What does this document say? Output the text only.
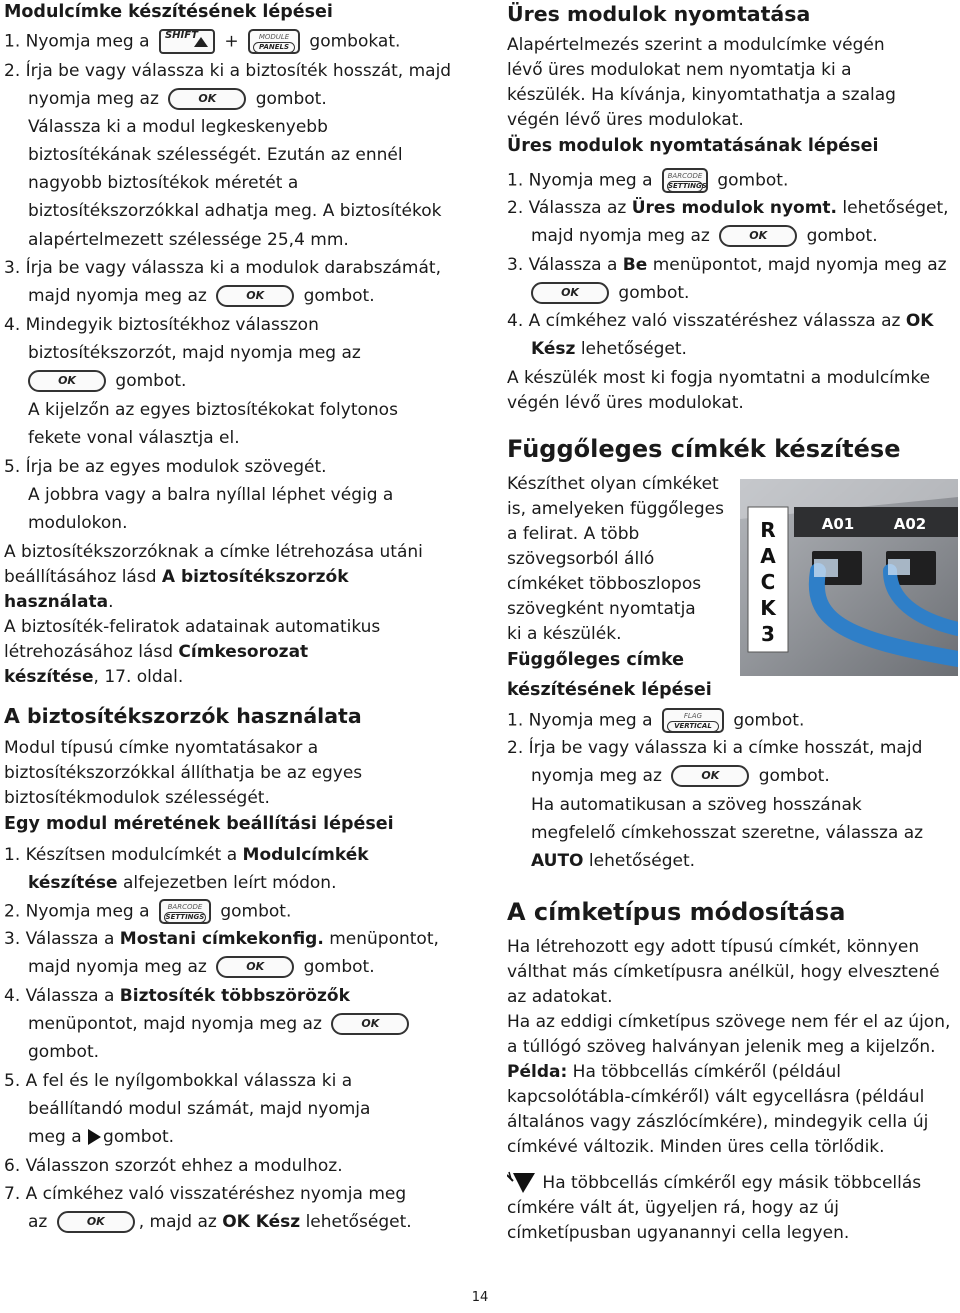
Modulcímke készítésének lépései
1. Nyomja meg a SHIFT +	MODULE
PANELS	gombokat.
2. Írja be vagy válassza ki a biztosíték hosszát, majd
nyomja meg az	OK gombot.
Válassza ki a modul legkeskenyebb
biztosítékának szélességét. Ezután az ennél
nagyobb biztosítékok méretét a
biztosítékszorzókkal adhatja meg. A biztosítékok
alapértelmezett szélessége 25,4 mm.
3. Írja be vagy válassza ki a modulok darabszámát,
majd nyomja meg az	OK gombot.
4. Mindegyik biztosítékhoz válasszon
biztosítékszorzót, majd nyomja meg az
OK gombot.
A kijelzőn az egyes biztosítékokat folytonos
fekete vonal választja el.
5. Írja be az egyes modulok szövegét.
A jobbra vagy a balra nyíllal léphet végig a
modulokon.
A biztosítékszorzóknak a címke létrehozása utáni
beállításához lásd A biztosítékszorzók
használata.
A biztosíték-feliratok adatainak automatikus
létrehozásához lásd Címkesorozat
készítése, 17. oldal.
A biztosítékszorzók használata
Modul típusú címke nyomtatásakor a
biztosítékszorzókkal állíthatja be az egyes
biztosítékmodulok szélességét.
Egy modul méretének beállítási lépései
1. Készítsen modulcímkét a Modulcímkék
készítése alfejezetben leírt módon.
2. Nyomja meg a	BARCODE
SETTINGS gombot.
3. Válassza a Mostani címkekonfig. menüpontot,
majd nyomja meg az	OK gombot.
4. Válassza a Biztosíték többszörözők
menüpontot, majd nyomja meg az	OK
gombot.
5. A fel és le nyílgombokkal válassza ki a
beállítandó modul számát, majd nyomja
meg a gombot.
6. Válasszon szorzót ehhez a modulhoz.
7. A címkéhez való visszatéréshez nyomja meg
az	OK , majd az OK Kész lehetőséget.
Üres modulok nyomtatása
Alapértelmezés szerint a modulcímke végén
lévő üres modulokat nem nyomtatja ki a
készülék. Ha kívánja, kinyomtathatja a szalag
végén lévő üres modulokat.
Üres modulok nyomtatásának lépései
1. Nyomja meg a	BARCODE
SETTINGS gombot.
2. Válassza az Üres modulok nyomt. lehetőséget,
majd nyomja meg az	OK gombot.
3. Válassza a Be menüpontot, majd nyomja meg az
OK gombot.
4. A címkéhez való visszatéréshez válassza az OK
Kész lehetőséget.
A készülék most ki fogja nyomtatni a modulcímke
végén lévő üres modulokat.
Függőleges címkék készítése
Készíthet olyan címkéket
is, amelyeken függőleges
a felirat. A több
szövegsorból álló
címkéket többoszlopos
szövegként nyomtatja
ki a készülék.
Függőleges címke
készítésének lépései
1. Nyomja meg a	FLAG
VERTICAL	gombot.
2. Írja be vagy válassza ki a címke hosszát, majd
nyomja meg az	OK gombot.
Ha automatikusan a szöveg hosszának
megfelelő címkehosszat szeretne, válassza az
AUTO lehetőséget.
A címketípus módosítása
Ha létrehozott egy adott típusú címkét, könnyen
válthat más címketípusra anélkül, hogy elvesztené
az adatokat.
Ha az eddigi címketípus szövege nem fér el az újon,
a túllógó szöveg halványan jelenik meg a kijelzőn.
Példa: Ha többcellás címkéről (például
kapcsolótábla-címkéről) vált egycellásra (például
általános vagy zászlócímkére), mindegyik cella új
címkévé változik. Minden üres cella törlődik.
Ha többcellás címkéről egy másik többcellás
címkére vált át, ügyeljen rá, hogy az új
címketípusban ugyanannyi cella legyen.
R
A
C
K
3
A01	A02
14
